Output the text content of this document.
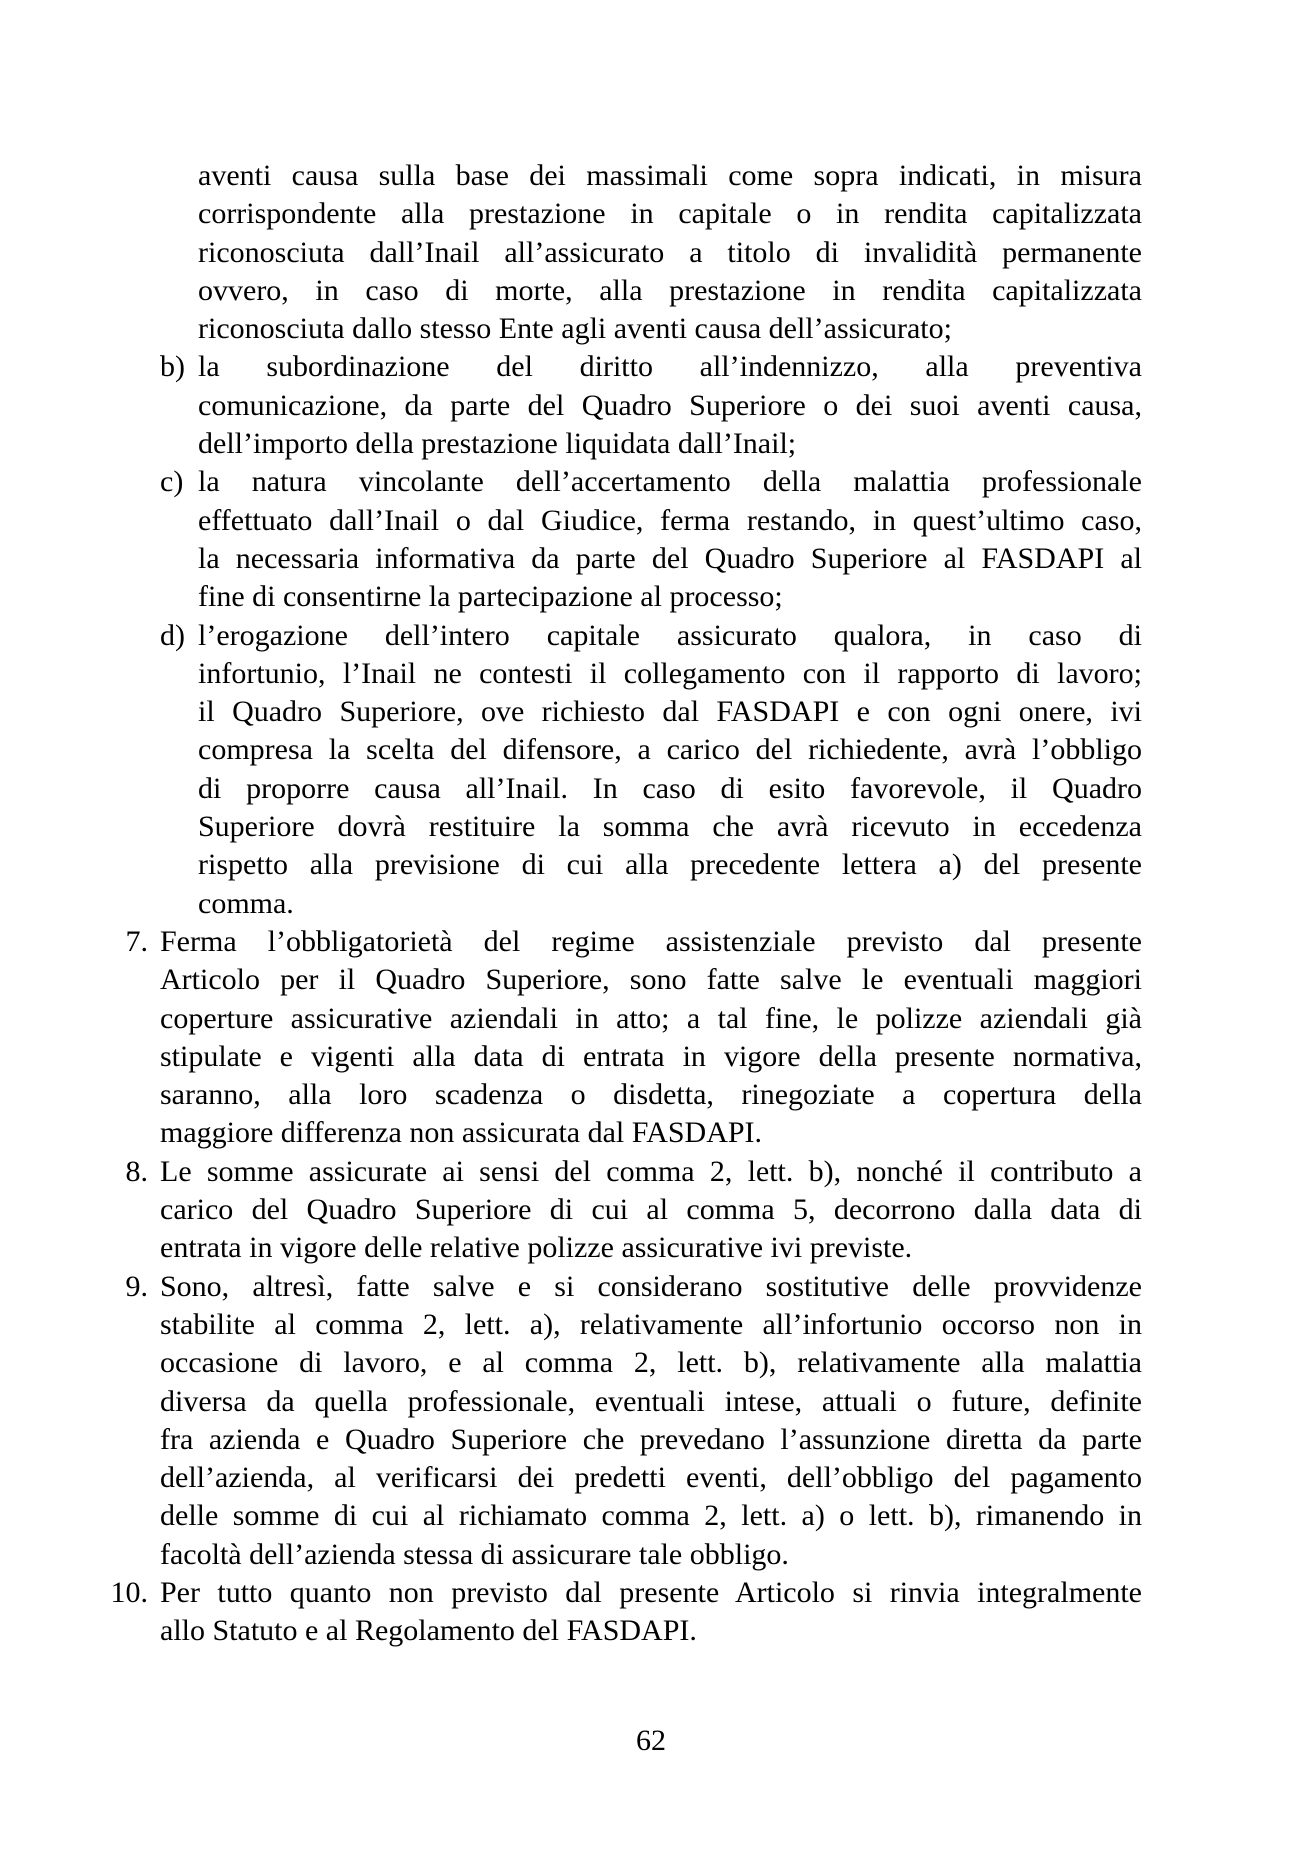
aventi causa sulla base dei massimali come sopra indicati, in misura
corrispondente alla prestazione in capitale o in rendita capitalizzata
riconosciuta dall’Inail all’assicurato a titolo di invalidità permanente
ovvero, in caso di morte, alla prestazione in rendita capitalizzata
riconosciuta dallo stesso Ente agli aventi causa dell’assicurato;
b) la subordinazione del diritto all’indennizzo, alla preventiva
comunicazione, da parte del Quadro Superiore o dei suoi aventi causa,
dell’importo della prestazione liquidata dall’Inail;
c) la natura vincolante dell’accertamento della malattia professionale
effettuato dall’Inail o dal Giudice, ferma restando, in quest’ultimo caso,
la necessaria informativa da parte del Quadro Superiore al FASDAPI al
fine di consentirne la partecipazione al processo;
d) l’erogazione dell’intero capitale assicurato qualora, in caso di
infortunio, l’Inail ne contesti il collegamento con il rapporto di lavoro;
il Quadro Superiore, ove richiesto dal FASDAPI e con ogni onere, ivi
compresa la scelta del difensore, a carico del richiedente, avrà l’obbligo
di proporre causa all’Inail. In caso di esito favorevole, il Quadro
Superiore dovrà restituire la somma che avrà ricevuto in eccedenza
rispetto alla previsione di cui alla precedente lettera a) del presente
comma.
7. Ferma l’obbligatorietà del regime assistenziale previsto dal presente
Articolo per il Quadro Superiore, sono fatte salve le eventuali maggiori
coperture assicurative aziendali in atto; a tal fine, le polizze aziendali già
stipulate e vigenti alla data di entrata in vigore della presente normativa,
saranno, alla loro scadenza o disdetta, rinegoziate a copertura della
maggiore differenza non assicurata dal FASDAPI.
8. Le somme assicurate ai sensi del comma 2, lett. b), nonché il contributo a
carico del Quadro Superiore di cui al comma 5, decorrono dalla data di
entrata in vigore delle relative polizze assicurative ivi previste.
9. Sono, altresì, fatte salve e si considerano sostitutive delle provvidenze
stabilite al comma 2, lett. a), relativamente all’infortunio occorso non in
occasione di lavoro, e al comma 2, lett. b), relativamente alla malattia
diversa da quella professionale, eventuali intese, attuali o future, definite
fra azienda e Quadro Superiore che prevedano l’assunzione diretta da parte
dell’azienda, al verificarsi dei predetti eventi, dell’obbligo del pagamento
delle somme di cui al richiamato comma 2, lett. a) o lett. b), rimanendo in
facoltà dell’azienda stessa di assicurare tale obbligo.
10. Per tutto quanto non previsto dal presente Articolo si rinvia integralmente
allo Statuto e al Regolamento del FASDAPI.
62
